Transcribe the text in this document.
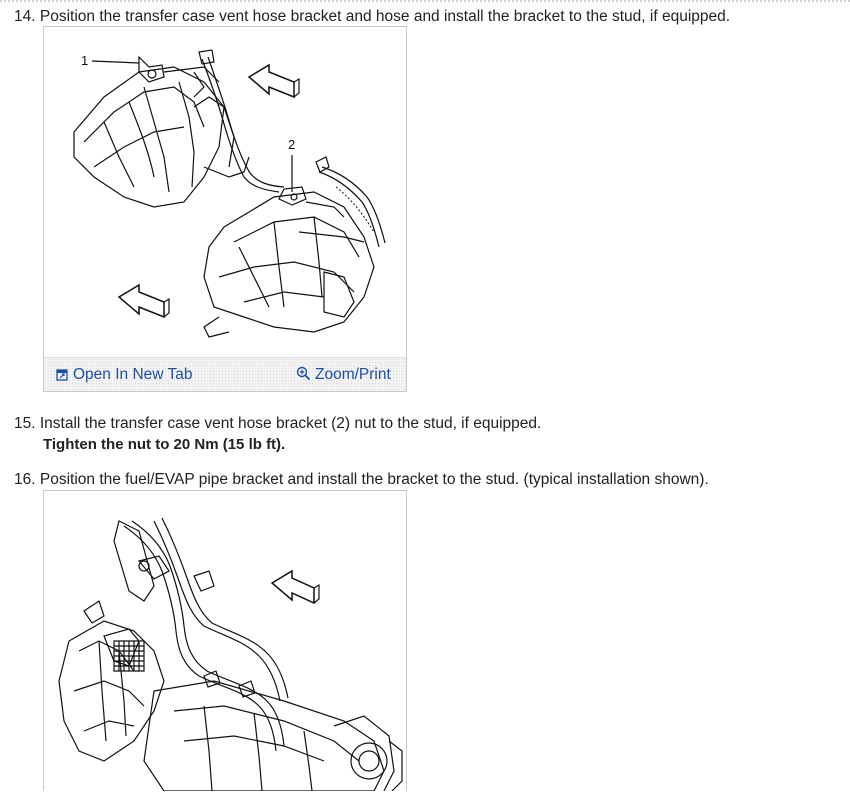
14. Position the transfer case vent hose bracket and hose and install the bracket to the stud, if equipped.
1
2
Open In New Tab	Zoom/Print
15. Install the transfer case vent hose bracket (2) nut to the stud, if equipped.
Tighten the nut to 20 Nm (15 lb ft).
16. Position the fuel/EVAP pipe bracket and install the bracket to the stud. (typical installation shown).
